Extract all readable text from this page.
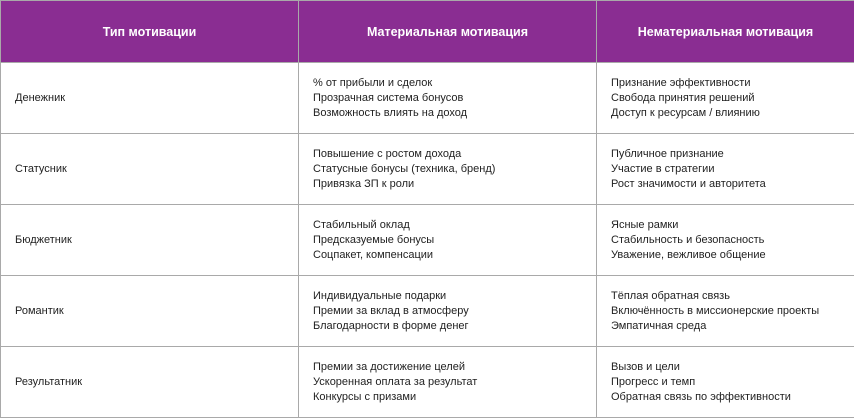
Тип мотивации	Материальная мотивация	Нематериальная мотивация
Денежник	% от прибыли и сделок
Прозрачная система бонусов
Возможность влиять на доход	Признание эффективности
Свобода принятия решений
Доступ к ресурсам / влиянию

Статусник	Повышение с ростом дохода
Статусные бонусы (техника, бренд)
Привязка ЗП к роли	Публичное признание
Участие в стратегии
Рост значимости и авторитета

Бюджетник	Стабильный оклад
Предсказуемые бонусы
Соцпакет, компенсации	Ясные рамки
Стабильность и безопасность
Уважение, вежливое общение

Романтик	Индивидуальные подарки
Премии за вклад в атмосферу
Благодарности в форме денег	Тёплая обратная связь
Включённость в миссионерские проекты
Эмпатичная среда

Результатник	Премии за достижение целей
Ускоренная оплата за результат
Конкурсы с призами	Вызов и цели
Прогресс и темп
Обратная связь по эффективности
